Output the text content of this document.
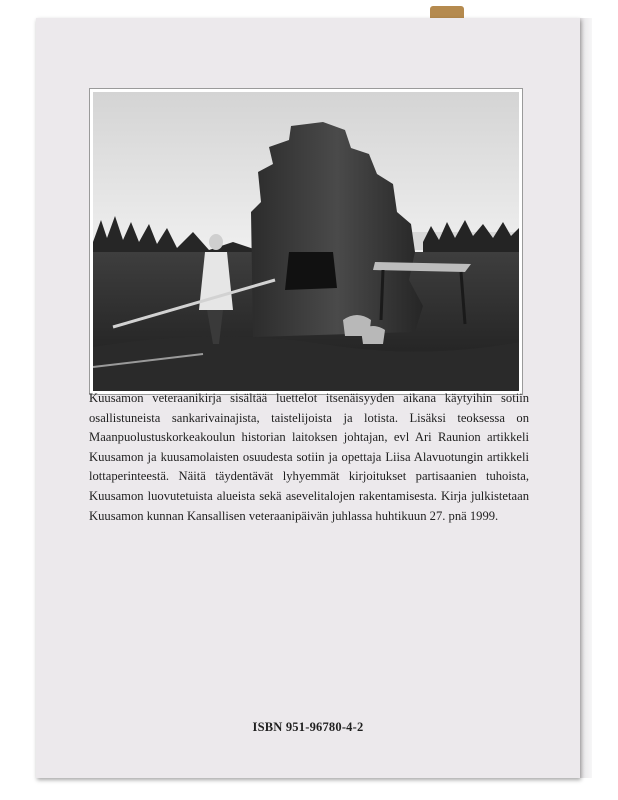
Kuusamon veteraanikirja sisältää luettelot itsenäisyyden aikana käytyihin sotiin osallistuneista sankarivainajista, taistelijoista ja lotista. Lisäksi teoksessa on Maanpuolustuskorkeakoulun historian laitoksen johtajan, evl Ari Raunion artikkeli Kuusamon ja kuusamolaisten osuudesta sotiin ja opettaja Liisa Alavuotungin artikkeli lottaperinteestä. Näitä täydentävät lyhyemmät kirjoitukset partisaanien tuhoista, Kuusamon luovutetuista alueista sekä asevelitalojen rakentamisesta. Kirja julkistetaan Kuusamon kunnan Kansallisen veteraanipäivän juhlassa huhtikuun 27. pnä 1999.

ISBN 951-96780-4-2
